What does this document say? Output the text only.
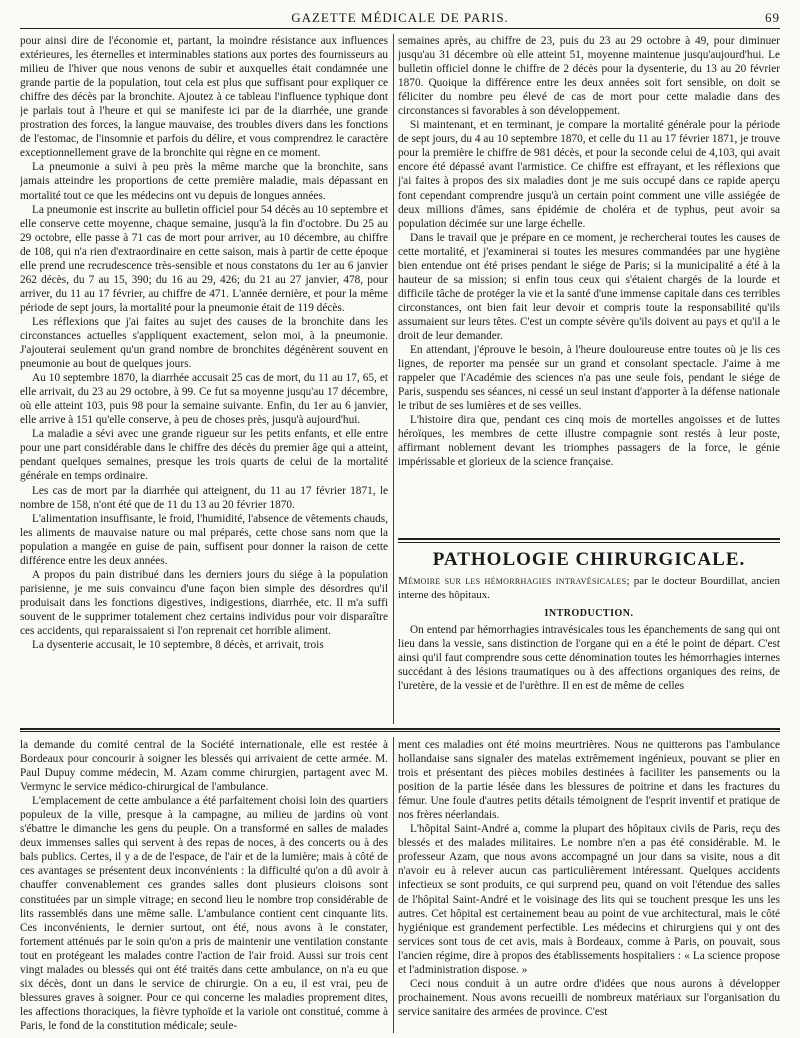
GAZETTE MÉDICALE DE PARIS.	69

pour ainsi dire de l'économie et, partant, la moindre résistance aux influences extérieures, les éternelles et interminables stations aux portes des fournisseurs au milieu de l'hiver que nous venons de subir et auxquelles était condamnée une grande partie de la population, tout cela est plus que suffisant pour expliquer ce chiffre des décès par la bronchite. Ajoutez à ce tableau l'influence typhique dont je parlais tout à l'heure et qui se manifeste ici par de la diarrhée, une grande prostration des forces, la langue mauvaise, des troubles divers dans les fonctions de l'estomac, de l'insomnie et parfois du délire, et vous comprendrez le caractère exceptionnellement grave de la bronchite qui règne en ce moment.

La pneumonie a suivi à peu près la même marche que la bronchite, sans jamais atteindre les proportions de cette première maladie, mais dépassant en mortalité tout ce que les médecins ont vu depuis de longues années.

La pneumonie est inscrite au bulletin officiel pour 54 décès au 10 septembre et elle conserve cette moyenne, chaque semaine, jusqu'à la fin d'octobre. Du 25 au 29 octobre, elle passe à 71 cas de mort pour arriver, au 10 décembre, au chiffre de 108, qui n'a rien d'extraordinaire en cette saison, mais à partir de cette époque elle prend une recrudescence très-sensible et nous constatons du 1er au 6 janvier 262 décès, du 7 au 15, 390; du 16 au 29, 426; du 21 au 27 janvier, 478, pour arriver, du 11 au 17 février, au chiffre de 471. L'année dernière, et pour la même période de sept jours, la mortalité pour la pneumonie était de 119 décès.

Les réflexions que j'ai faites au sujet des causes de la bronchite dans les circonstances actuelles s'appliquent exactement, selon moi, à la pneumonie. J'ajouterai seulement qu'un grand nombre de bronchites dégénèrent souvent en pneumonie au bout de quelques jours.

Au 10 septembre 1870, la diarrhée accusait 25 cas de mort, du 11 au 17, 65, et elle arrivait, du 23 au 29 octobre, à 99. Ce fut sa moyenne jusqu'au 17 décembre, où elle atteint 103, puis 98 pour la semaine suivante. Enfin, du 1er au 6 janvier, elle arrive à 151 qu'elle conserve, à peu de choses près, jusqu'à aujourd'hui.

La maladie a sévi avec une grande rigueur sur les petits enfants, et elle entre pour une part considérable dans le chiffre des décès du premier âge qui a atteint, pendant quelques semaines, presque les trois quarts de celui de la mortalité générale en temps ordinaire.

Les cas de mort par la diarrhée qui atteignent, du 11 au 17 février 1871, le nombre de 158, n'ont été que de 11 du 13 au 20 février 1870.

L'alimentation insuffisante, le froid, l'humidité, l'absence de vêtements chauds, les aliments de mauvaise nature ou mal préparés, cette chose sans nom que la population a mangée en guise de pain, suffisent pour donner la raison de cette différence entre les deux années.

A propos du pain distribué dans les derniers jours du siége à la population parisienne, je me suis convaincu d'une façon bien simple des désordres qu'il produisait dans les fonctions digestives, indigestions, diarrhée, etc. Il m'a suffi souvent de le supprimer totalement chez certains individus pour voir disparaître ces accidents, qui reparaissaient si l'on reprenait cet horrible aliment.

La dysenterie accusait, le 10 septembre, 8 décès, et arrivait, trois

semaines après, au chiffre de 23, puis du 23 au 29 octobre à 49, pour diminuer jusqu'au 31 décembre où elle atteint 51, moyenne maintenue jusqu'aujourd'hui. Le bulletin officiel donne le chiffre de 2 décès pour la dysenterie, du 13 au 20 février 1870. Quoique la différence entre les deux années soit fort sensible, on doit se féliciter du nombre peu élevé de cas de mort pour cette maladie dans des circonstances si favorables à son développement.

Si maintenant, et en terminant, je compare la mortalité générale pour la période de sept jours, du 4 au 10 septembre 1870, et celle du 11 au 17 février 1871, je trouve pour la première le chiffre de 981 décès, et pour la seconde celui de 4,103, qui avait encore été dépassé avant l'armistice. Ce chiffre est effrayant, et les réflexions que j'ai faites à propos des six maladies dont je me suis occupé dans ce rapide aperçu font cependant comprendre jusqu'à un certain point comment une ville assiégée de deux millions d'âmes, sans épidémie de choléra et de typhus, peut avoir sa population décimée sur une large échelle.

Dans le travail que je prépare en ce moment, je rechercherai toutes les causes de cette mortalité, et j'examinerai si toutes les mesures commandées par une hygiène bien entendue ont été prises pendant le siége de Paris; si la municipalité a été à la hauteur de sa mission; si enfin tous ceux qui s'étaient chargés de la lourde et difficile tâche de protéger la vie et la santé d'une immense capitale dans ces terribles circonstances, ont bien fait leur devoir et compris toute la responsabilité qu'ils assumaient sur leurs têtes. C'est un compte sévère qu'ils doivent au pays et qu'il a le droit de leur demander.

En attendant, j'éprouve le besoin, à l'heure douloureuse entre toutes où je lis ces lignes, de reporter ma pensée sur un grand et consolant spectacle. J'aime à me rappeler que l'Académie des sciences n'a pas une seule fois, pendant le siége de Paris, suspendu ses séances, ni cessé un seul instant d'apporter à la défense nationale le tribut de ses lumières et de ses veilles.

L'histoire dira que, pendant ces cinq mois de mortelles angoisses et de luttes héroïques, les membres de cette illustre compagnie sont restés à leur poste, affirmant noblement devant les triomphes passagers de la force, le génie impérissable et glorieux de la science française.

PATHOLOGIE CHIRURGICALE.

Mémoire sur les hémorrhagies intravésicales; par le docteur Bourdillat, ancien interne des hôpitaux.

INTRODUCTION.

On entend par hémorrhagies intravésicales tous les épanchements de sang qui ont lieu dans la vessie, sans distinction de l'organe qui en a été le point de départ. C'est ainsi qu'il faut comprendre sous cette dénomination toutes les hémorrhagies internes succédant à des lésions traumatiques ou à des affections organiques des reins, de l'uretère, de la vessie et de l'urèthre. Il en est de même de celles

la demande du comité central de la Société internationale, elle est restée à Bordeaux pour concourir à soigner les blessés qui arrivaient de cette armée. M. Paul Dupuy comme médecin, M. Azam comme chirurgien, partagent avec M. Vermync le service médico-chirurgical de l'ambulance.

L'emplacement de cette ambulance a été parfaitement choisi loin des quartiers populeux de la ville, presque à la campagne, au milieu de jardins où vont s'ébattre le dimanche les gens du peuple. On a transformé en salles de malades deux immenses salles qui servent à des repas de noces, à des concerts ou à des bals publics. Certes, il y a de de l'espace, de l'air et de la lumière; mais à côté de ces avantages se présentent deux inconvénients : la difficulté qu'on a dû avoir à chauffer convenablement ces grandes salles dont plusieurs cloisons sont constituées par un simple vitrage; en second lieu le nombre trop considérable de lits rassemblés dans une même salle. L'ambulance contient cent cinquante lits. Ces inconvénients, le dernier surtout, ont été, nous avons à le constater, fortement atténués par le soin qu'on a pris de maintenir une ventilation constante tout en protégeant les malades contre l'action de l'air froid. Aussi sur trois cent vingt malades ou blessés qui ont été traités dans cette ambulance, on n'a eu que six décès, dont un dans le service de chirurgie. On a eu, il est vrai, peu de blessures graves à soigner. Pour ce qui concerne les maladies proprement dites, les affections thoraciques, la fièvre typhoïde et la variole ont constitué, comme à Paris, le fond de la constitution médicale; seule-

ment ces maladies ont été moins meurtrières. Nous ne quitterons pas l'ambulance hollandaise sans signaler des matelas extrêmement ingénieux, pouvant se plier en trois et présentant des pièces mobiles destinées à faciliter les pansements ou la position de la partie lésée dans les blessures de poitrine et dans les fractures du fémur. Une foule d'autres petits détails témoignent de l'esprit inventif et pratique de nos frères néerlandais.

L'hôpital Saint-André a, comme la plupart des hôpitaux civils de Paris, reçu des blessés et des malades militaires. Le nombre n'en a pas été considérable. M. le professeur Azam, que nous avons accompagné un jour dans sa visite, nous a dit n'avoir eu à relever aucun cas particulièrement intéressant. Quelques accidents infectieux se sont produits, ce qui surprend peu, quand on voit l'étendue des salles de l'hôpital Saint-André et le voisinage des lits qui se touchent presque les uns les autres. Cet hôpital est certainement beau au point de vue architectural, mais le côté hygiénique est grandement perfectible. Les médecins et chirurgiens qui y ont des services sont tous de cet avis, mais à Bordeaux, comme à Paris, on pouvait, sous l'ancien régime, dire à propos des établissements hospitaliers : « La science propose et l'administration dispose. »

Ceci nous conduit à un autre ordre d'idées que nous aurons à développer prochainement. Nous avons recueilli de nombreux matériaux sur l'organisation du service sanitaire des armées de province. C'est
